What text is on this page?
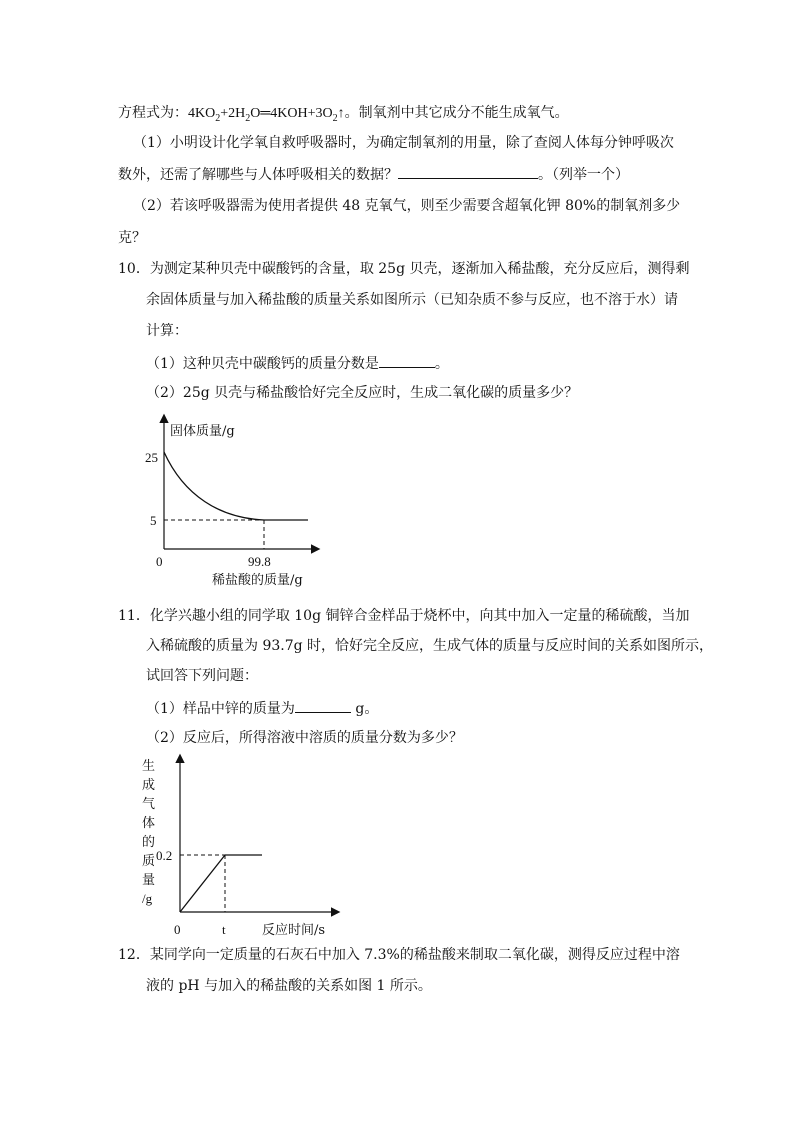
方程式为：$4KO_2+2H_2O═4KOH+3O_2↑$。制氧剂中其它成分不能生成氧气。
（1）小明设计化学氧自救呼吸器时，为确定制氧剂的用量，除了查阅人体每分钟呼吸次
数外，还需了解哪些与人体呼吸相关的数据？	。（列举一个）
（2）若该呼吸器需为使用者提供 48 克氧气，则至少需要含超氧化钾 80%的制氧剂多少
克？
10．为测定某种贝壳中碳酸钙的含量，取 25g 贝壳，逐渐加入稀盐酸，充分反应后，测得剩
余固体质量与加入稀盐酸的质量关系如图所示（已知杂质不参与反应，也不溶于水）请
计算：
（1）这种贝壳中碳酸钙的质量分数是	。
（2）25g 贝壳与稀盐酸恰好完全反应时，生成二氧化碳的质量多少？
固体质量/g
25
5
0	99.8
稀盐酸的质量/g
11．化学兴趣小组的同学取 10g 铜锌合金样品于烧杯中，向其中加入一定量的稀硫酸，当加
入稀硫酸的质量为 93.7g 时，恰好完全反应，生成气体的质量与反应时间的关系如图所示，
试回答下列问题：
（1）样品中锌的质量为	g。
（2）反应后，所得溶液中溶质的质量分数为多少？
生
成
气
体
的
质
量
/g
0.2
0	t	反应时间/s
12．某同学向一定质量的石灰石中加入 7.3%的稀盐酸来制取二氧化碳，测得反应过程中溶
液的 pH 与加入的稀盐酸的关系如图 1 所示。
